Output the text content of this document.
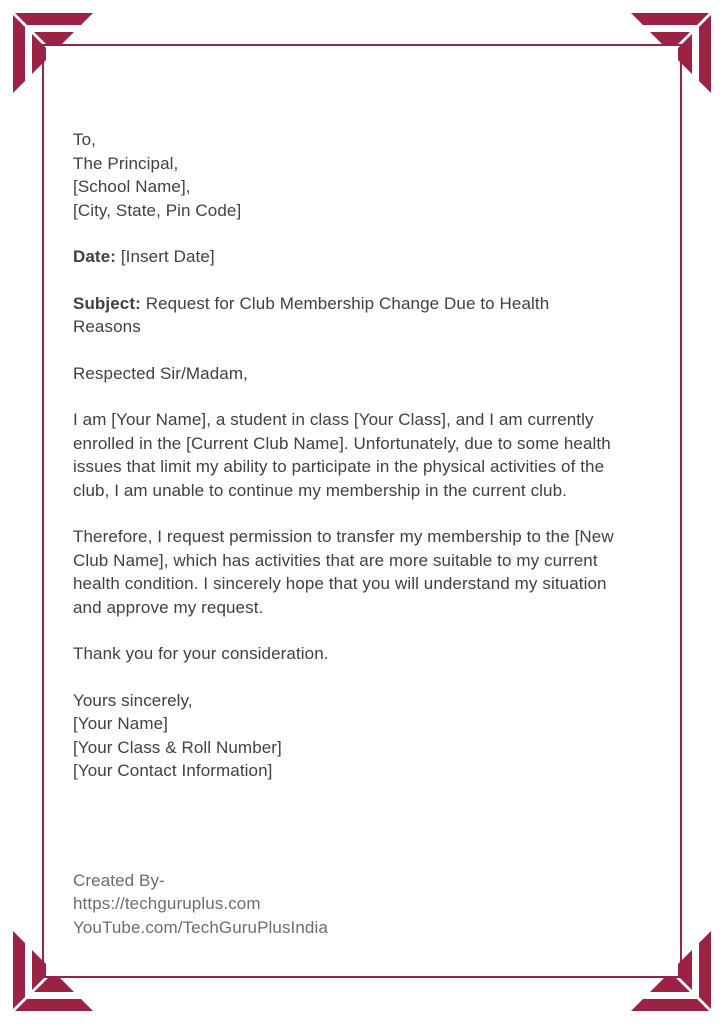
To,
The Principal,
[School Name],
[City, State, Pin Code]

Date: [Insert Date]

Subject: Request for Club Membership Change Due to Health Reasons

Respected Sir/Madam,

I am [Your Name], a student in class [Your Class], and I am currently enrolled in the [Current Club Name]. Unfortunately, due to some health issues that limit my ability to participate in the physical activities of the club, I am unable to continue my membership in the current club.

Therefore, I request permission to transfer my membership to the [New Club Name], which has activities that are more suitable to my current health condition. I sincerely hope that you will understand my situation and approve my request.

Thank you for your consideration.

Yours sincerely,
[Your Name]
[Your Class & Roll Number]
[Your Contact Information]
Created By-
https://techguruplus.com
YouTube.com/TechGuruPlusIndia
